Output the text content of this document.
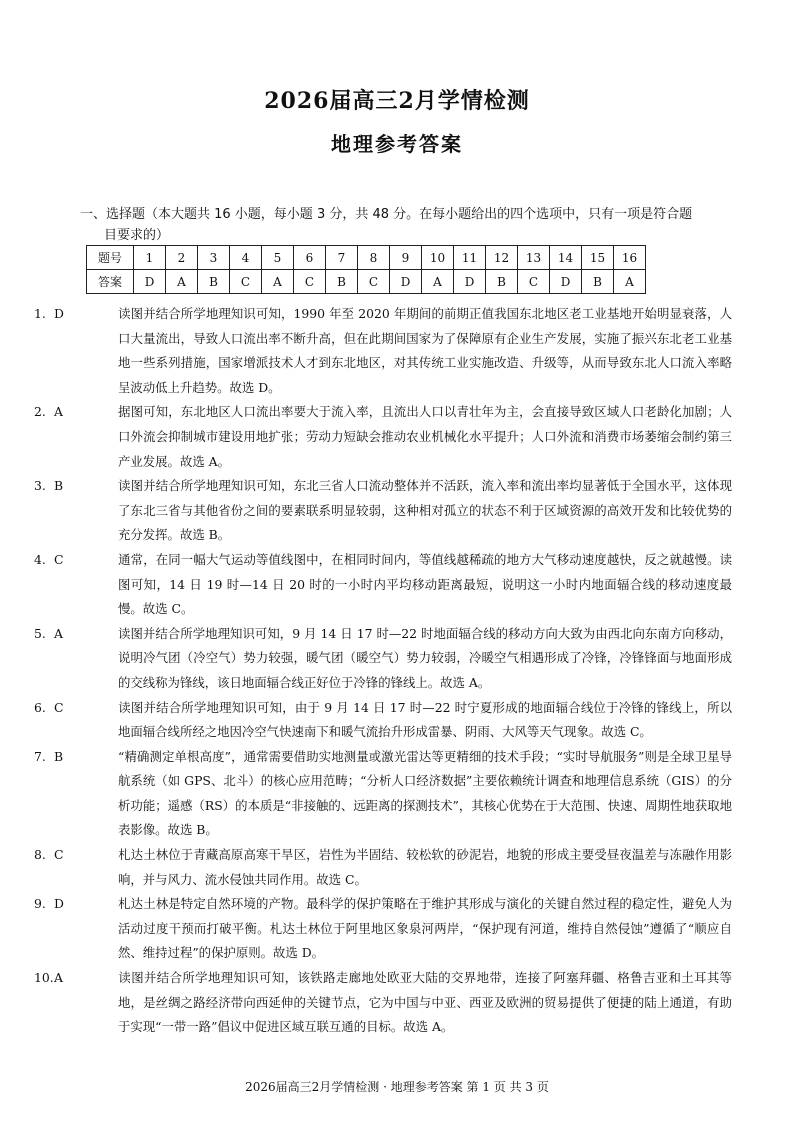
2026届高三2月学情检测
地理参考答案
一、选择题（本大题共 16 小题，每小题 3 分，共 48 分。在每小题给出的四个选项中，只有一项是符合题
目要求的）
题号	1	2	3	4	5	6	7	8	9	10	11	12	13	14	15	16
答案	D	A	B	C	A	C	B	C	D	A	D	B	C	D	B	A
1. D	读图并结合所学地理知识可知，1990 年至 2020 年期间的前期正值我国东北地区老工业基地开始明显衰落，人口大量流出，导致人口流出率不断升高，但在此期间国家为了保障原有企业生产发展，实施了振兴东北老工业基地一些系列措施，国家增派技术人才到东北地区，对其传统工业实施改造、升级等，从而导致东北人口流入率略呈波动低上升趋势。故选 D。
2. A	据图可知，东北地区人口流出率要大于流入率，且流出人口以青壮年为主，会直接导致区域人口老龄化加剧；人口外流会抑制城市建设用地扩张；劳动力短缺会推动农业机械化水平提升；人口外流和消费市场萎缩会制约第三产业发展。故选 A。
3. B	读图并结合所学地理知识可知，东北三省人口流动整体并不活跃，流入率和流出率均显著低于全国水平，这体现了东北三省与其他省份之间的要素联系明显较弱，这种相对孤立的状态不利于区域资源的高效开发和比较优势的充分发挥。故选 B。
4. C	通常，在同一幅大气运动等值线图中，在相同时间内，等值线越稀疏的地方大气移动速度越快，反之就越慢。读图可知，14 日 19 时—14 日 20 时的一小时内平均移动距离最短，说明这一小时内地面辐合线的移动速度最慢。故选 C。
5. A	读图并结合所学地理知识可知，9 月 14 日 17 时—22 时地面辐合线的移动方向大致为由西北向东南方向移动，说明冷气团（冷空气）势力较强，暖气团（暖空气）势力较弱，冷暖空气相遇形成了冷锋，冷锋锋面与地面形成的交线称为锋线，该日地面辐合线正好位于冷锋的锋线上。故选 A。
6. C	读图并结合所学地理知识可知，由于 9 月 14 日 17 时—22 时宁夏形成的地面辐合线位于冷锋的锋线上，所以地面辐合线所经之地因冷空气快速南下和暖气流抬升形成雷暴、阴雨、大风等天气现象。故选 C。
7. B	“精确测定单根高度”，通常需要借助实地测量或激光雷达等更精细的技术手段；“实时导航服务”则是全球卫星导航系统（如 GPS、北斗）的核心应用范畴；“分析人口经济数据”主要依赖统计调查和地理信息系统（GIS）的分析功能；遥感（RS）的本质是“非接触的、远距离的探测技术”，其核心优势在于大范围、快速、周期性地获取地表影像。故选 B。
8. C	札达土林位于青藏高原高寒干旱区，岩性为半固结、较松软的砂泥岩，地貌的形成主要受昼夜温差与冻融作用影响，并与风力、流水侵蚀共同作用。故选 C。
9. D	札达土林是特定自然环境的产物。最科学的保护策略在于维护其形成与演化的关键自然过程的稳定性，避免人为活动过度干预而打破平衡。札达土林位于阿里地区象泉河两岸，“保护现有河道，维持自然侵蚀”遵循了“顺应自然、维持过程”的保护原则。故选 D。
10.A	读图并结合所学地理知识可知，该铁路走廊地处欧亚大陆的交界地带，连接了阿塞拜疆、格鲁吉亚和土耳其等地，是丝绸之路经济带向西延伸的关键节点，它为中国与中亚、西亚及欧洲的贸易提供了便捷的陆上通道，有助于实现“一带一路”倡议中促进区域互联互通的目标。故选 A。
2026届高三2月学情检测 · 地理参考答案 第 1 页 共 3 页
